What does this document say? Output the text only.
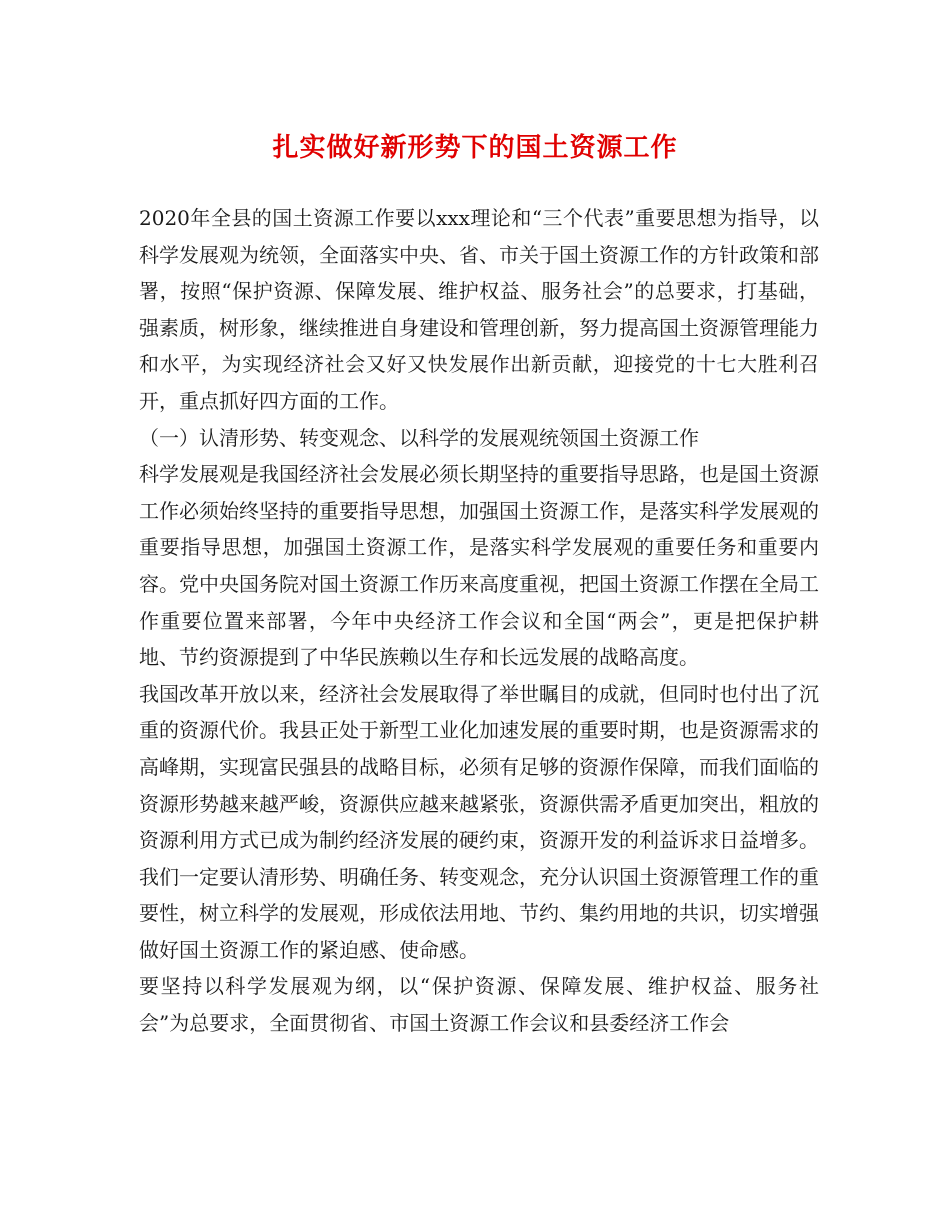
扎实做好新形势下的国土资源工作

2020年全县的国土资源工作要以xxx理论和“三个代表”重要思想为指导，以科学发展观为统领，全面落实中央、省、市关于国土资源工作的方针政策和部署，按照“保护资源、保障发展、维护权益、服务社会”的总要求，打基础，强素质，树形象，继续推进自身建设和管理创新，努力提高国土资源管理能力和水平，为实现经济社会又好又快发展作出新贡献，迎接党的十七大胜利召开，重点抓好四方面的工作。

（一）认清形势、转变观念、以科学的发展观统领国土资源工作

科学发展观是我国经济社会发展必须长期坚持的重要指导思路，也是国土资源工作必须始终坚持的重要指导思想，加强国土资源工作，是落实科学发展观的重要指导思想，加强国土资源工作，是落实科学发展观的重要任务和重要内容。党中央国务院对国土资源工作历来高度重视，把国土资源工作摆在全局工作重要位置来部署，今年中央经济工作会议和全国“两会”，更是把保护耕地、节约资源提到了中华民族赖以生存和长远发展的战略高度。

我国改革开放以来，经济社会发展取得了举世瞩目的成就，但同时也付出了沉重的资源代价。我县正处于新型工业化加速发展的重要时期，也是资源需求的高峰期，实现富民强县的战略目标，必须有足够的资源作保障，而我们面临的资源形势越来越严峻，资源供应越来越紧张，资源供需矛盾更加突出，粗放的资源利用方式已成为制约经济发展的硬约束，资源开发的利益诉求日益增多。我们一定要认清形势、明确任务、转变观念，充分认识国土资源管理工作的重要性，树立科学的发展观，形成依法用地、节约、集约用地的共识，切实增强做好国土资源工作的紧迫感、使命感。

要坚持以科学发展观为纲，以“保护资源、保障发展、维护权益、服务社会”为总要求，全面贯彻省、市国土资源工作会议和县委经济工作会
